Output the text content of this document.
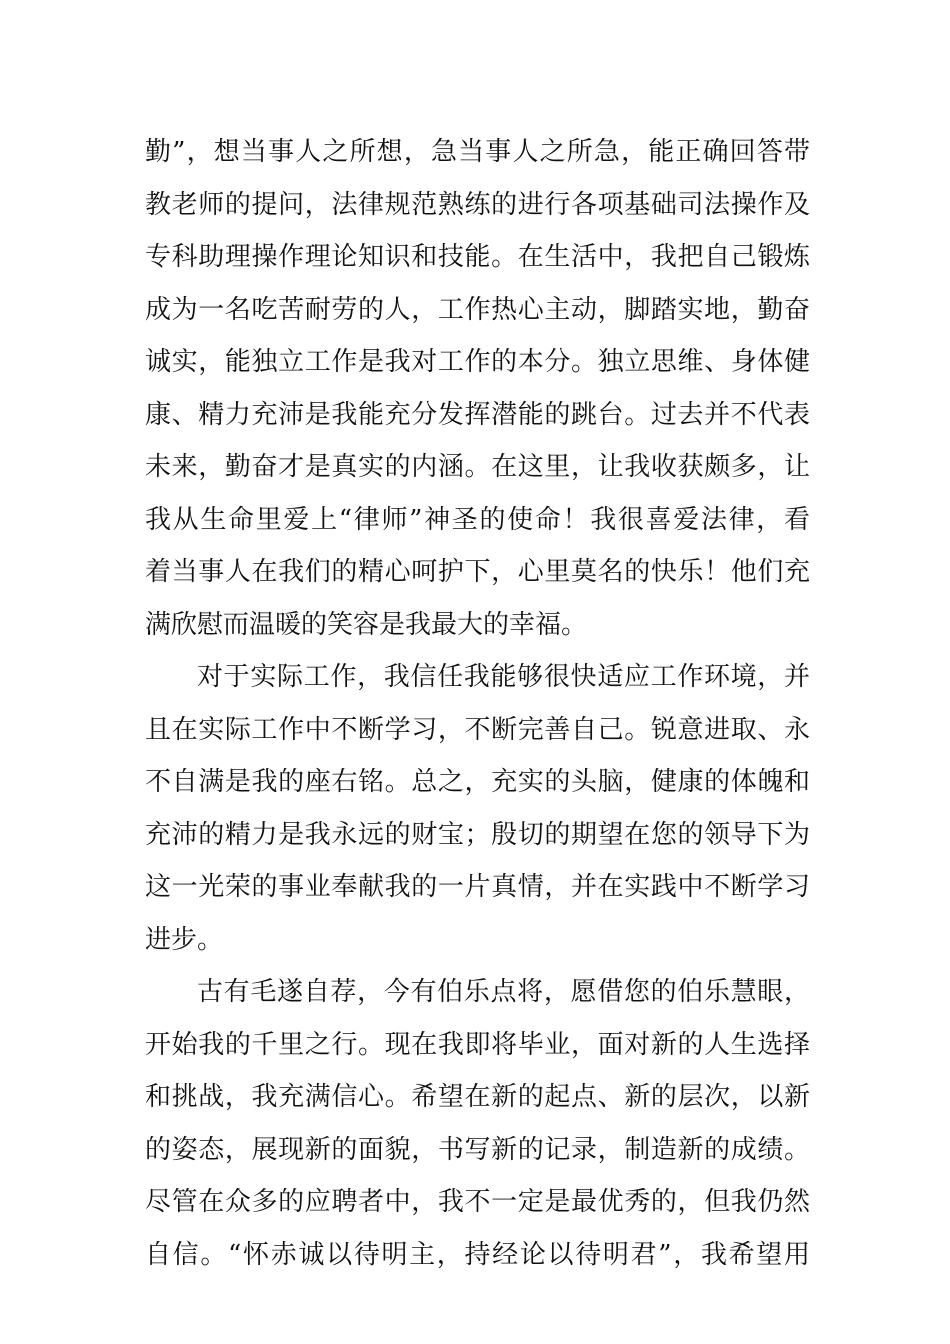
勤”，想当事人之所想，急当事人之所急，能正确回答带
教老师的提问，法律规范熟练的进行各项基础司法操作及
专科助理操作理论知识和技能。在生活中，我把自己锻炼
成为一名吃苦耐劳的人，工作热心主动，脚踏实地，勤奋
诚实，能独立工作是我对工作的本分。独立思维、身体健
康、精力充沛是我能充分发挥潜能的跳台。过去并不代表
未来，勤奋才是真实的内涵。在这里，让我收获颇多，让
我从生命里爱上“律师”神圣的使命！我很喜爱法律，看
着当事人在我们的精心呵护下，心里莫名的快乐！他们充
满欣慰而温暖的笑容是我最大的幸福。
对于实际工作，我信任我能够很快适应工作环境，并
且在实际工作中不断学习，不断完善自己。锐意进取、永
不自满是我的座右铭。总之，充实的头脑，健康的体魄和
充沛的精力是我永远的财宝；殷切的期望在您的领导下为
这一光荣的事业奉献我的一片真情，并在实践中不断学习
进步。
古有毛遂自荐，今有伯乐点将，愿借您的伯乐慧眼，
开始我的千里之行。现在我即将毕业，面对新的人生选择
和挑战，我充满信心。希望在新的起点、新的层次，以新
的姿态，展现新的面貌，书写新的记录，制造新的成绩。
尽管在众多的应聘者中，我不一定是最优秀的，但我仍然
自信。“怀赤诚以待明主，持经论以待明君”，我希望用
